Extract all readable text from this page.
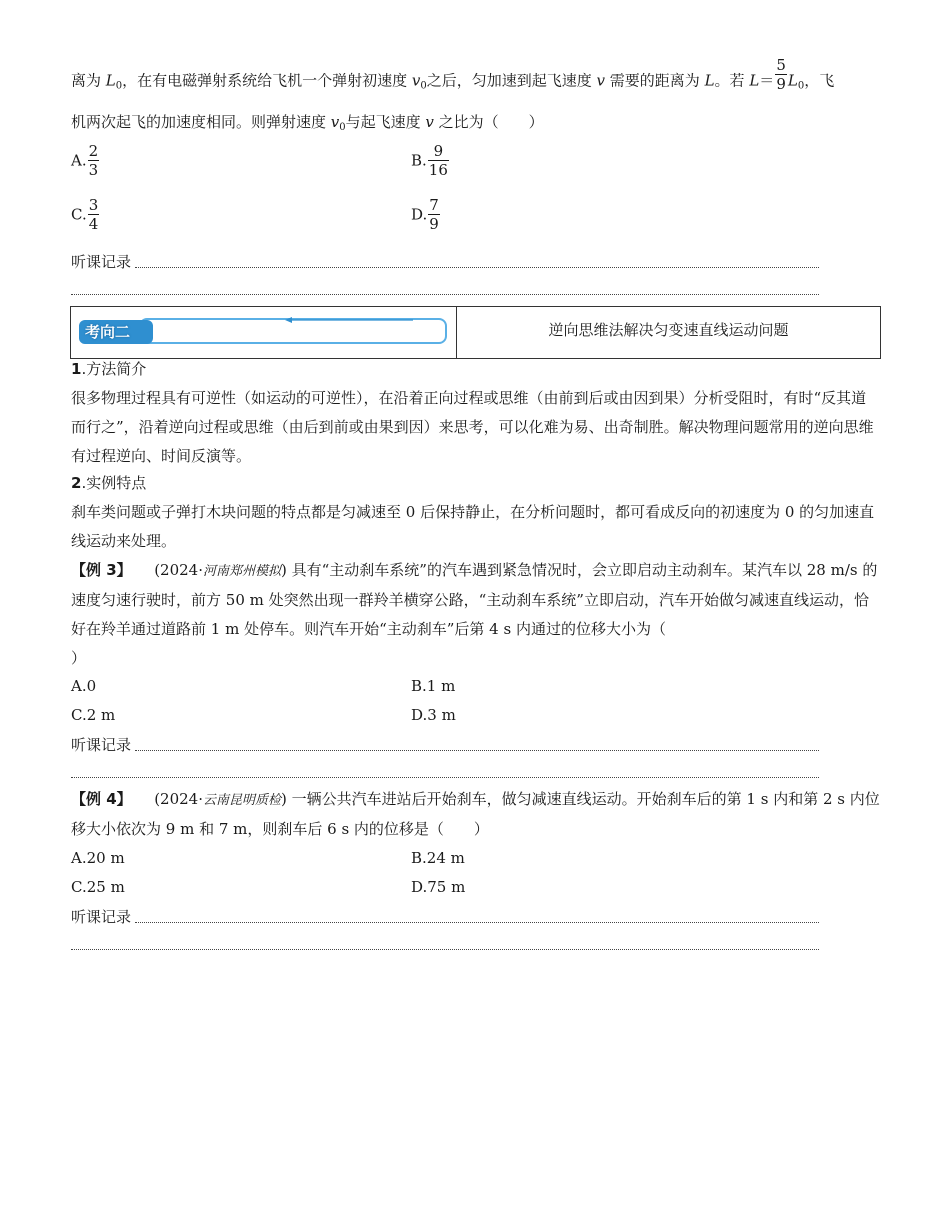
离为 $L_0$，在有电磁弹射系统给飞机一个弹射初速度 $v_0$之后，匀加速到起飞速度 v 需要的距离为 L。若 $L= \frac{5}{9} L_0$，飞
机两次起飞的加速度相同。则弹射速度 $v_0$与起飞速度 v 之比为（　　）
A. $\frac{2}{3}$	B. $\frac{9}{16}$
C. $\frac{3}{4}$	D. $\frac{7}{9}$
听课记录
考向二	逆向思维法解决匀变速直线运动问题
1.方法简介
很多物理过程具有可逆性（如运动的可逆性），在沿着正向过程或思维（由前到后或由因到果）分析受阻时，有时“反其道而行之”，沿着逆向过程或思维（由后到前或由果到因）来思考，可以化难为易、出奇制胜。解决物理问题常用的逆向思维有过程逆向、时间反演等。
2.实例特点
刹车类问题或子弹打木块问题的特点都是匀减速至 0 后保持静止，在分析问题时，都可看成反向的初速度为 0 的匀加速直线运动来处理。
【例 3】　　 (2024·河南郑州模拟) 具有“主动刹车系统”的汽车遇到紧急情况时，会立即启动主动刹车。某汽车以 28 m/s 的速度匀速行驶时，前方 50 m 处突然出现一群羚羊横穿公路，“主动刹车系统”立即启动，汽车开始做匀减速直线运动，恰好在羚羊通过道路前 1 m 处停车。则汽车开始“主动刹车”后第 4 s 内通过的位移大小为（
）
A.0	B.1 m
C.2 m	D.3 m
听课记录
【例 4】　　 (2024·云南昆明质检) 一辆公共汽车进站后开始刹车，做匀减速直线运动。开始刹车后的第 1 s 内和第 2 s 内位移大小依次为 9 m 和 7 m，则刹车后 6 s 内的位移是（　　）
A.20 m	B.24 m
C.25 m	D.75 m
听课记录
